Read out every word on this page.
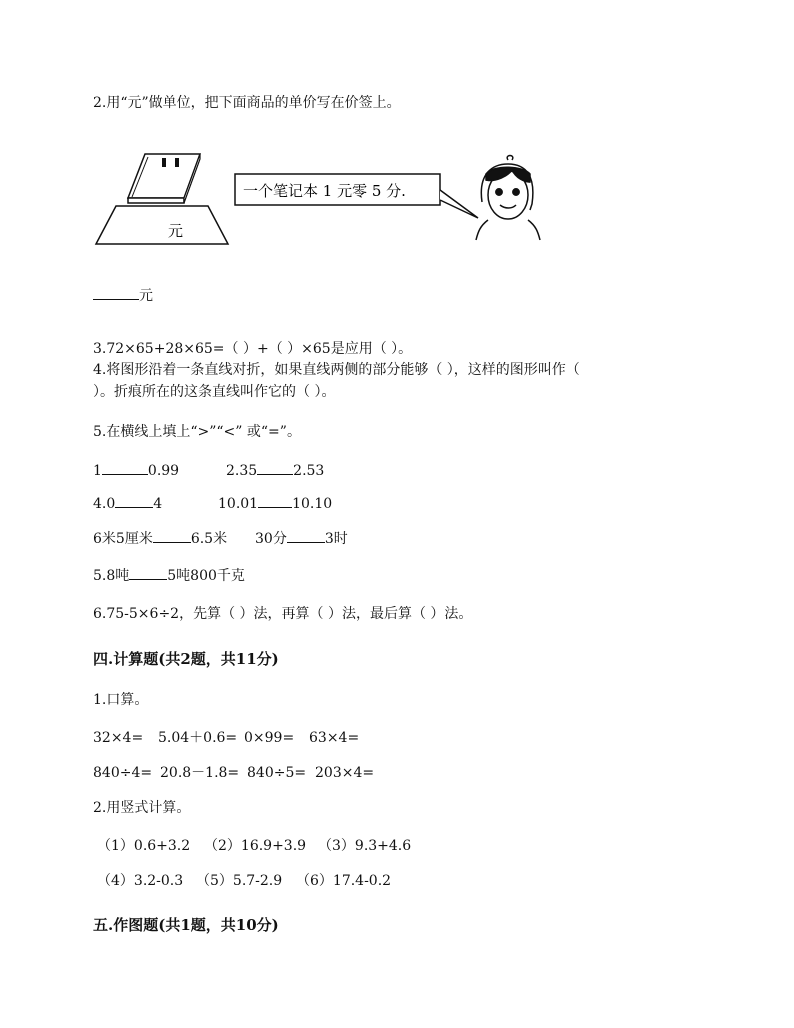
2.用“元”做单位，把下面商品的单价写在价签上。
元
一个笔记本 1 元零 5 分.
元
3.72×65+28×65=（ ）+（ ）×65是应用（ ）。
4.将图形沿着一条直线对折，如果直线两侧的部分能够（ ），这样的图形叫作（
）。折痕所在的这条直线叫作它的（ ）。
5.在横线上填上“>”“<” 或“=”。
1	0.99	2.35	2.53
4.0	4	10.01 10.10
6米5厘米	6.5米 30分	3时
5.8吨	5吨800千克
6.75-5×6÷2，先算（ ）法，再算（ ）法，最后算（ ）法。
四.计算题(共2题，共11分)
1.口算。
32×4= 5.04＋0.6= 0×99= 63×4=
840÷4= 20.8－1.8= 840÷5= 203×4=
2.用竖式计算。
（1）0.6+3.2 （2）16.9+3.9 （3）9.3+4.6
（4）3.2-0.3 （5）5.7-2.9 （6）17.4-0.2
五.作图题(共1题，共10分)
